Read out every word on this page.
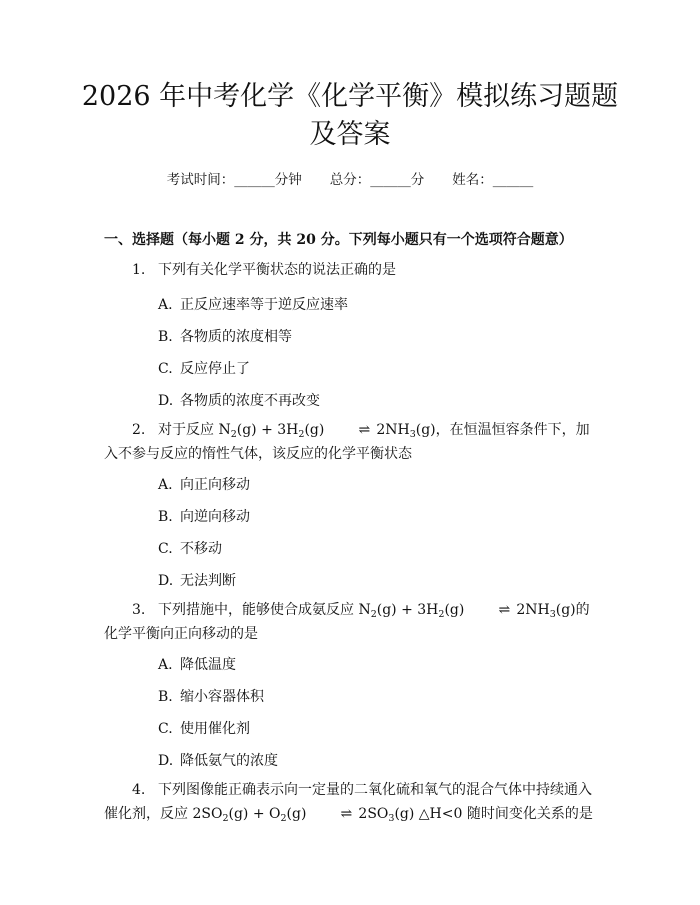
2026 年中考化学《化学平衡》模拟练习题题及答案
考试时间：______分钟 总分：______分 姓名：______
一、选择题（每小题 2 分，共 20 分。下列每小题只有一个选项符合题意）
1. 下列有关化学平衡状态的说法正确的是
A. 正反应速率等于逆反应速率
B. 各物质的浓度相等
C. 反应停止了
D. 各物质的浓度不再改变
2. 对于反应 $N_2(g) + 3H_2(g)$ ⇌ $2NH_3(g)$，在恒温恒容条件下，加入不参与反应的惰性气体，该反应的化学平衡状态
A. 向正向移动
B. 向逆向移动
C. 不移动
D. 无法判断
3. 下列措施中，能够使合成氨反应 $N_2(g) + 3H_2(g)$ ⇌ $2NH_3(g)$的化学平衡向正向移动的是
A. 降低温度
B. 缩小容器体积
C. 使用催化剂
D. 降低氨气的浓度
4. 下列图像能正确表示向一定量的二氧化硫和氧气的混合气体中持续通入催化剂，反应 $2SO_2(g) + O_2(g)$ ⇌ $2SO_3(g)$ △H<0 随时间变化关系的是
